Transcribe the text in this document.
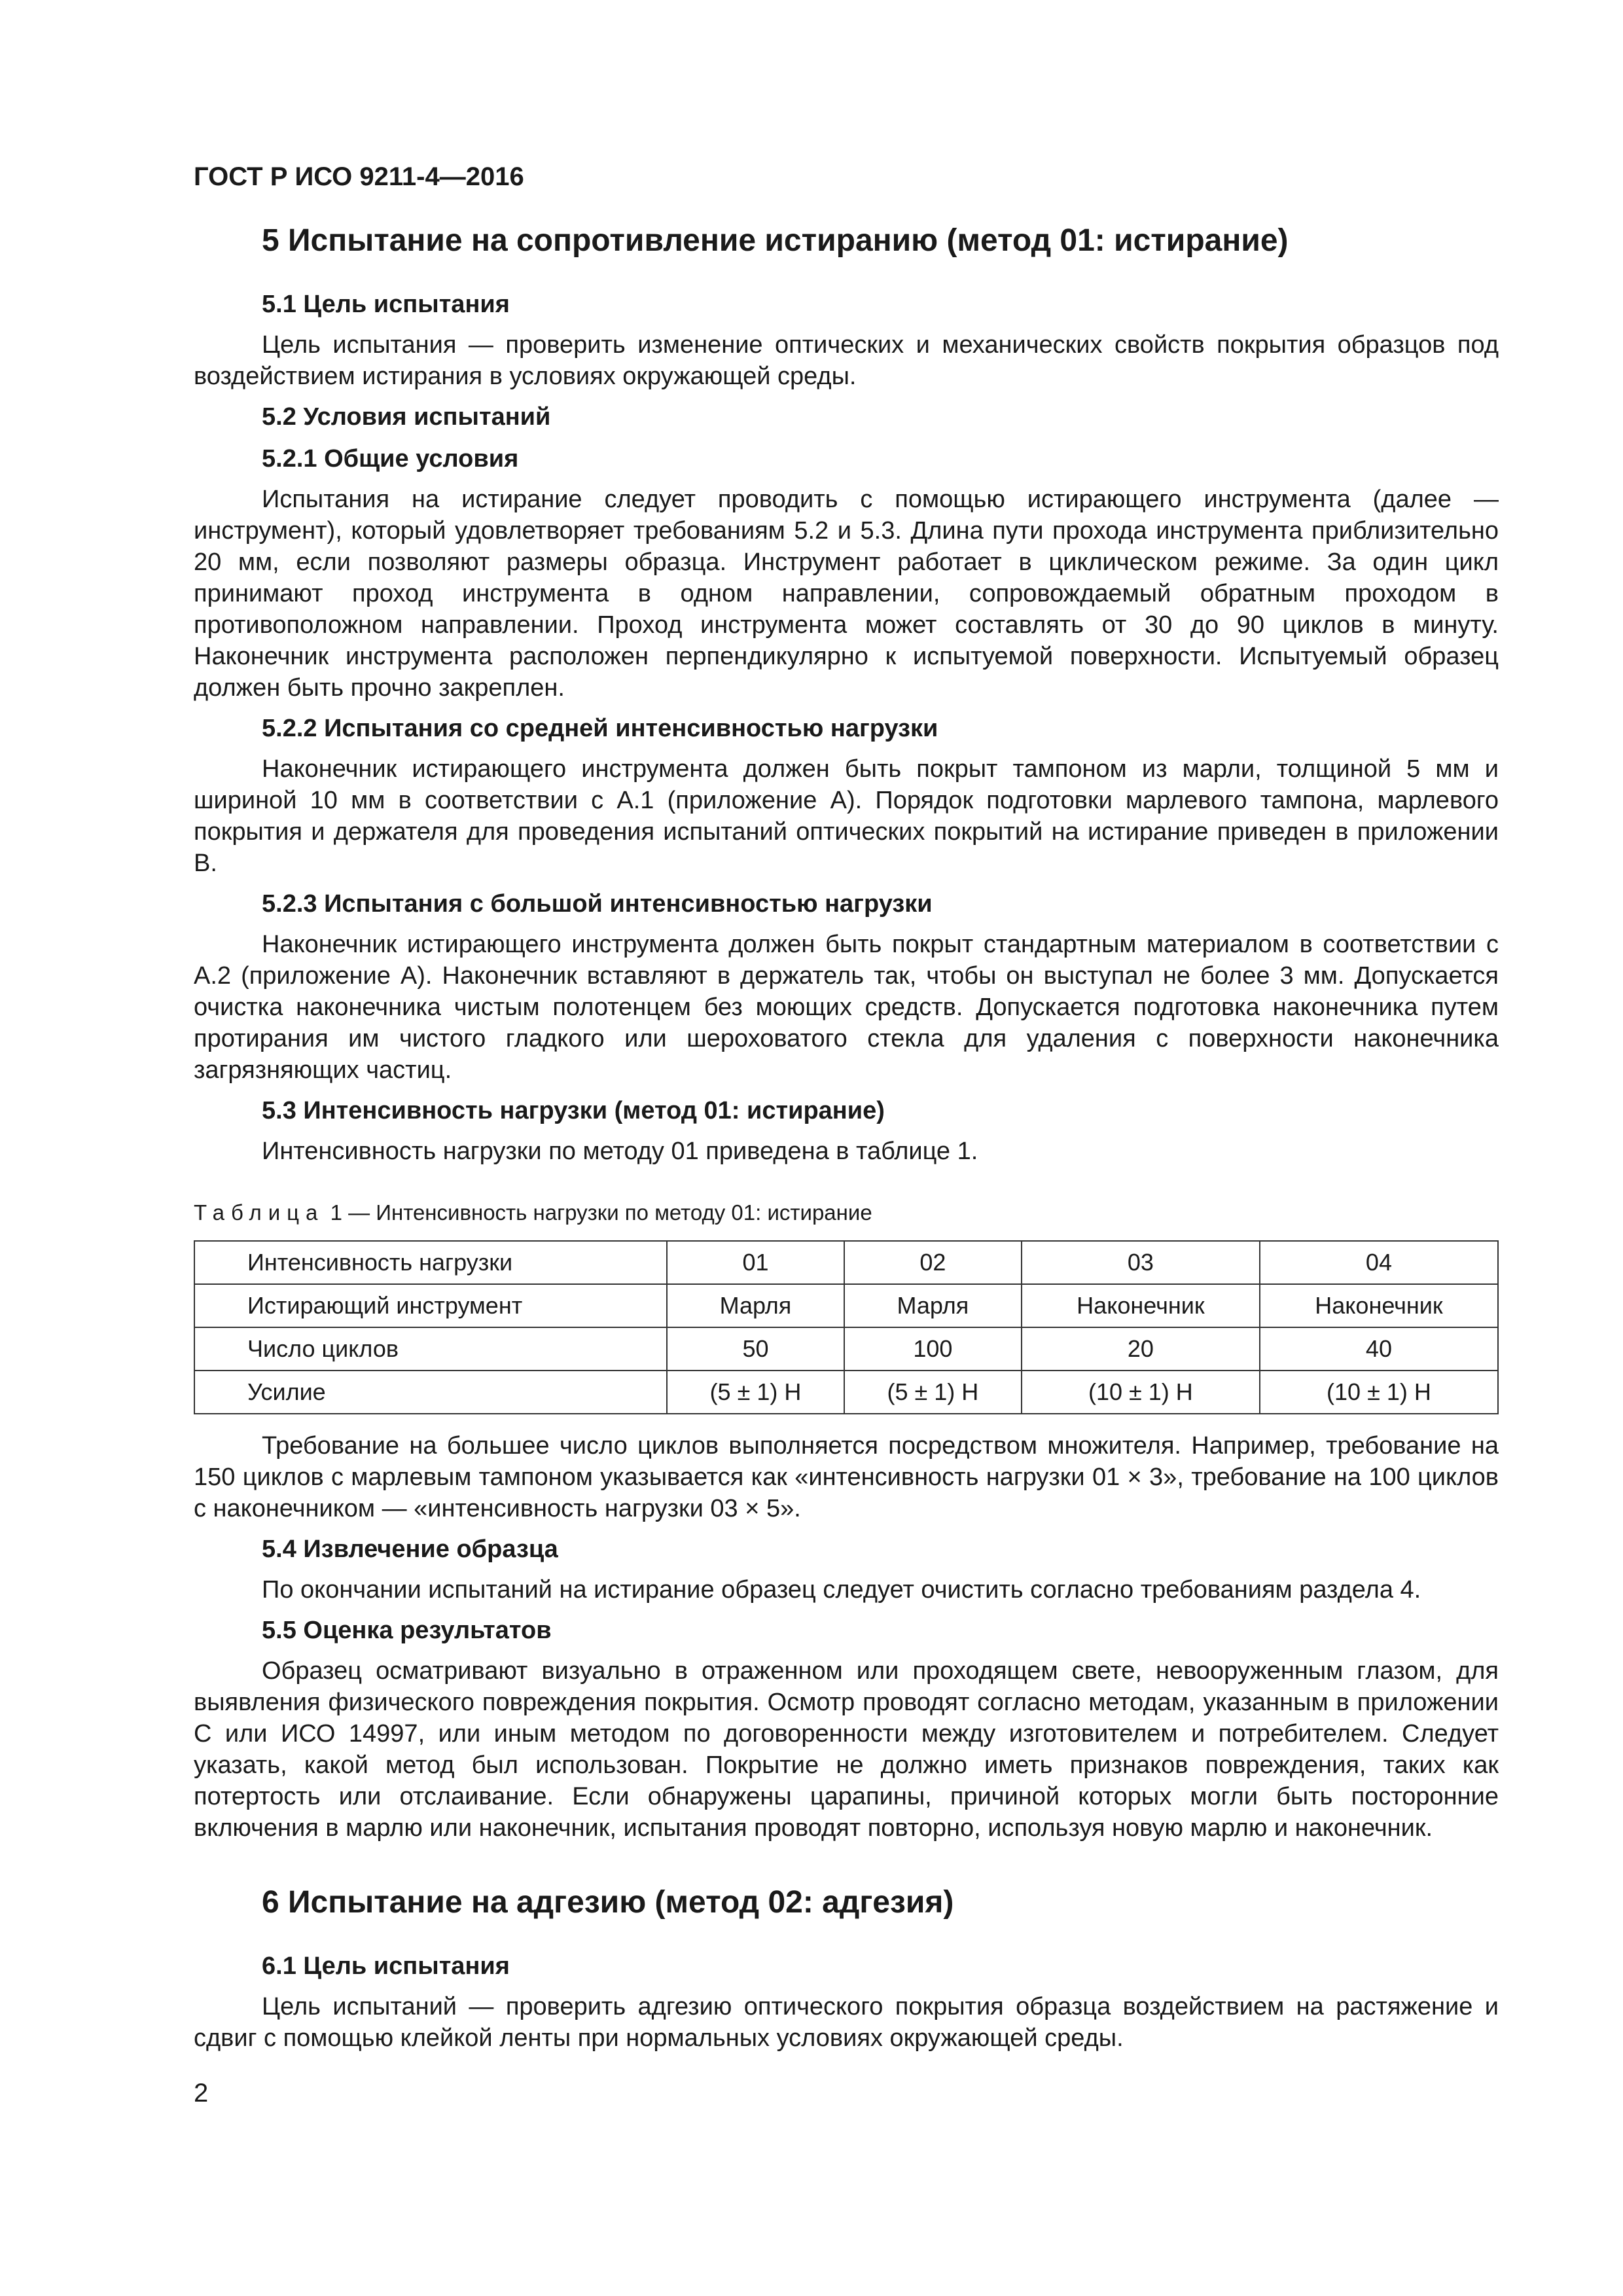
ГОСТ Р ИСО 9211-4—2016
5 Испытание на сопротивление истиранию (метод 01: истирание)
5.1 Цель испытания

Цель испытания — проверить изменение оптических и механических свойств покрытия образцов под воздействием истирания в условиях окружающей среды.

5.2 Условия испытаний
5.2.1 Общие условия

Испытания на истирание следует проводить с помощью истирающего инструмента (далее — инструмент), который удовлетворяет требованиям 5.2 и 5.3. Длина пути прохода инструмента приблизительно 20 мм, если позволяют размеры образца. Инструмент работает в циклическом режиме. За один цикл принимают проход инструмента в одном направлении, сопровождаемый обратным проходом в противоположном направлении. Проход инструмента может составлять от 30 до 90 циклов в минуту. Наконечник инструмента расположен перпендикулярно к испытуемой поверхности. Испытуемый образец должен быть прочно закреплен.

5.2.2 Испытания со средней интенсивностью нагрузки

Наконечник истирающего инструмента должен быть покрыт тампоном из марли, толщиной 5 мм и шириной 10 мм в соответствии с А.1 (приложение А). Порядок подготовки марлевого тампона, марлевого покрытия и держателя для проведения испытаний оптических покрытий на истирание приведен в приложении В.

5.2.3 Испытания с большой интенсивностью нагрузки

Наконечник истирающего инструмента должен быть покрыт стандартным материалом в соответствии с А.2 (приложение А). Наконечник вставляют в держатель так, чтобы он выступал не более 3 мм. Допускается очистка наконечника чистым полотенцем без моющих средств. Допускается подготовка наконечника путем протирания им чистого гладкого или шероховатого стекла для удаления с поверхности наконечника загрязняющих частиц.

5.3 Интенсивность нагрузки (метод 01: истирание)

Интенсивность нагрузки по методу 01 приведена в таблице 1.

Таблица 1 — Интенсивность нагрузки по методу 01: истирание

Интенсивность нагрузки	01	02	03	04
Истирающий инструмент	Марля	Марля	Наконечник	Наконечник
Число циклов	50	100	20	40
Усилие	(5 ± 1) Н	(5 ± 1) Н	(10 ± 1) Н	(10 ± 1) Н

Требование на большее число циклов выполняется посредством множителя. Например, требование на 150 циклов с марлевым тампоном указывается как «интенсивность нагрузки 01 × 3», требование на 100 циклов с наконечником — «интенсивность нагрузки 03 × 5».

5.4 Извлечение образца

По окончании испытаний на истирание образец следует очистить согласно требованиям раздела 4.

5.5 Оценка результатов

Образец осматривают визуально в отраженном или проходящем свете, невооруженным глазом, для выявления физического повреждения покрытия. Осмотр проводят согласно методам, указанным в приложении С или ИСО 14997, или иным методом по договоренности между изготовителем и потребителем. Следует указать, какой метод был использован. Покрытие не должно иметь признаков повреждения, таких как потертость или отслаивание. Если обнаружены царапины, причиной которых могли быть посторонние включения в марлю или наконечник, испытания проводят повторно, используя новую марлю и наконечник.

6 Испытание на адгезию (метод 02: адгезия)
6.1 Цель испытания

Цель испытаний — проверить адгезию оптического покрытия образца воздействием на растяжение и сдвиг с помощью клейкой ленты при нормальных условиях окружающей среды.

2
